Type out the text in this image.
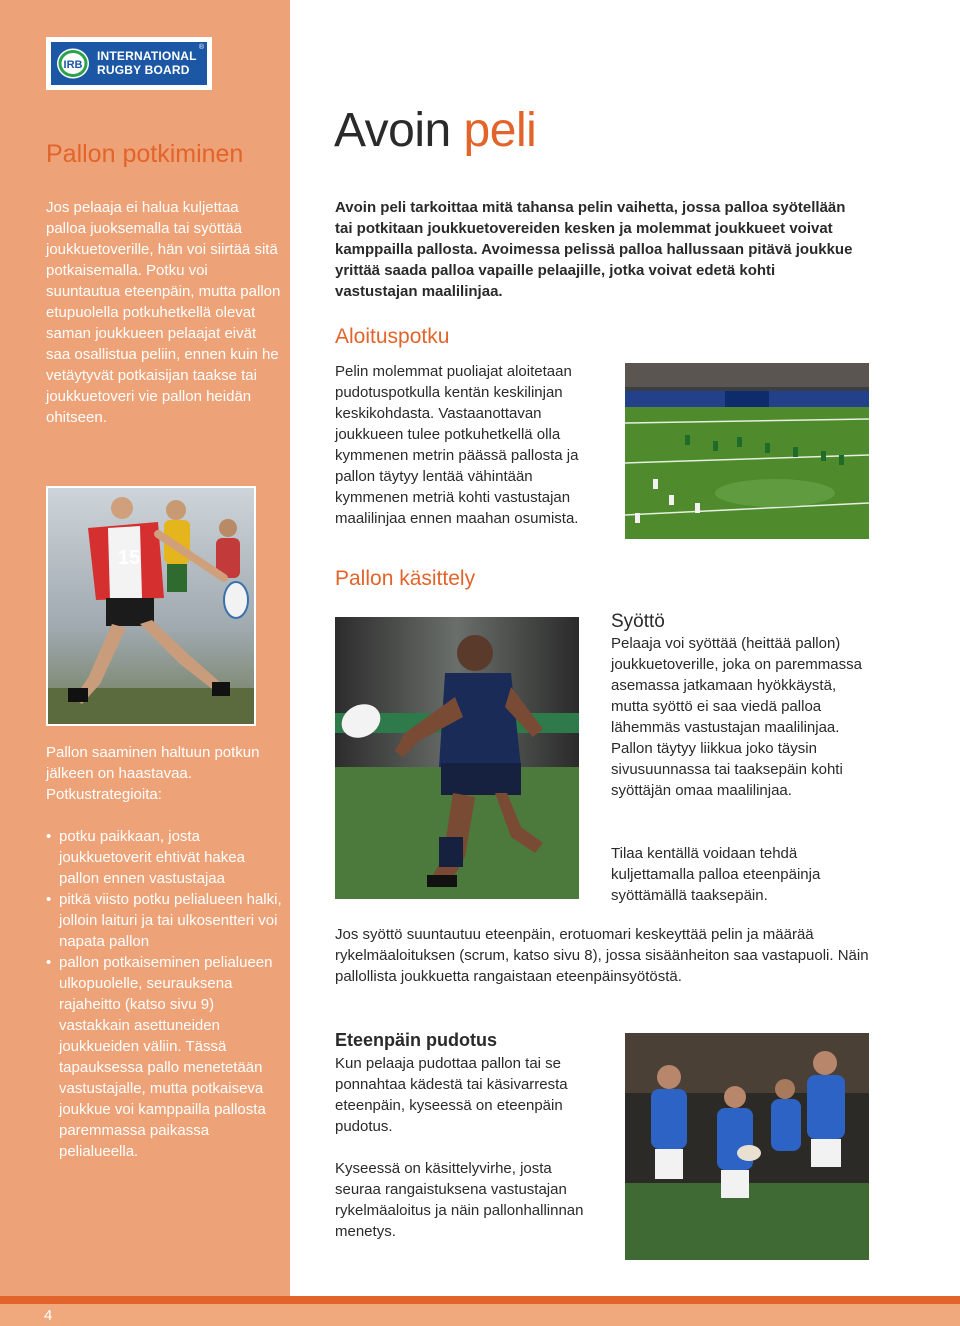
IRB
INTERNATIONAL
RUGBY BOARD
®
Pallon potkiminen

Jos pelaaja ei halua kuljettaa palloa juoksemalla tai syöttää joukkuetoverille, hän voi siirtää sitä potkaisemalla. Potku voi suuntautua eteenpäin, mutta pallon etupuolella potkuhetkellä olevat saman joukkueen pelaajat eivät saa osallistua peliin, ennen kuin he vetäytyvät potkaisijan taakse tai joukkuetoveri vie pallon heidän ohitseen.

15

Pallon saaminen haltuun potkun jälkeen on haastavaa. Potkustrategioita:

• potku paikkaan, josta joukkuetoverit ehtivät hakea pallon ennen vastustajaa
• pitkä viisto potku pelialueen halki, jolloin laituri ja tai ulkosentteri voi napata pallon
• pallon potkaiseminen pelialueen ulkopuolelle, seurauksena rajaheitto (katso sivu 9) vastakkain asettuneiden joukkueiden väliin. Tässä tapauksessa pallo menetetään vastustajalle, mutta potkaiseva joukkue voi kamppailla pallosta paremmassa paikassa pelialueella.
Avoin peli

Avoin peli tarkoittaa mitä tahansa pelin vaihetta, jossa palloa syötellään tai potkitaan joukkuetovereiden kesken ja molemmat joukkueet voivat kamppailla pallosta. Avoimessa pelissä palloa hallussaan pitävä joukkue yrittää saada palloa vapaille pelaajille, jotka voivat edetä kohti vastustajan maalilinjaa.

Aloituspotku

Pelin molemmat puoliajat aloitetaan pudotuspotkulla kentän keskilinjan keskikohdasta. Vastaanottavan joukkueen tulee potkuhetkellä olla kymmenen metrin päässä pallosta ja pallon täytyy lentää vähintään kymmenen metriä kohti vastustajan maalilinjaa ennen maahan osumista.

Pallon käsittely
Syöttö

Pelaaja voi syöttää (heittää pallon) joukkuetoverille, joka on paremmassa asemassa jatkamaan hyökkäystä, mutta syöttö ei saa viedä palloa lähemmäs vastustajan maalilinjaa. Pallon täytyy liikkua joko täysin sivusuunnassa tai taaksepäin kohti syöttäjän omaa maalilinjaa.

Tilaa kentällä voidaan tehdä kuljettamalla palloa eteenpäinja syöttämällä taaksepäin.

Jos syöttö suuntautuu eteenpäin, erotuomari keskeyttää pelin ja määrää rykelmäaloituksen (scrum, katso sivu 8), jossa sisäänheiton saa vastapuoli. Näin pallollista joukkuetta rangaistaan eteenpäinsyötöstä.

Eteenpäin pudotus

Kun pelaaja pudottaa pallon tai se ponnahtaa kädestä tai käsivarresta eteenpäin, kyseessä on eteenpäin pudotus.

Kyseessä on käsittelyvirhe, josta seuraa rangaistuksena vastustajan rykelmäaloitus ja näin pallonhallinnan menetys.

4
